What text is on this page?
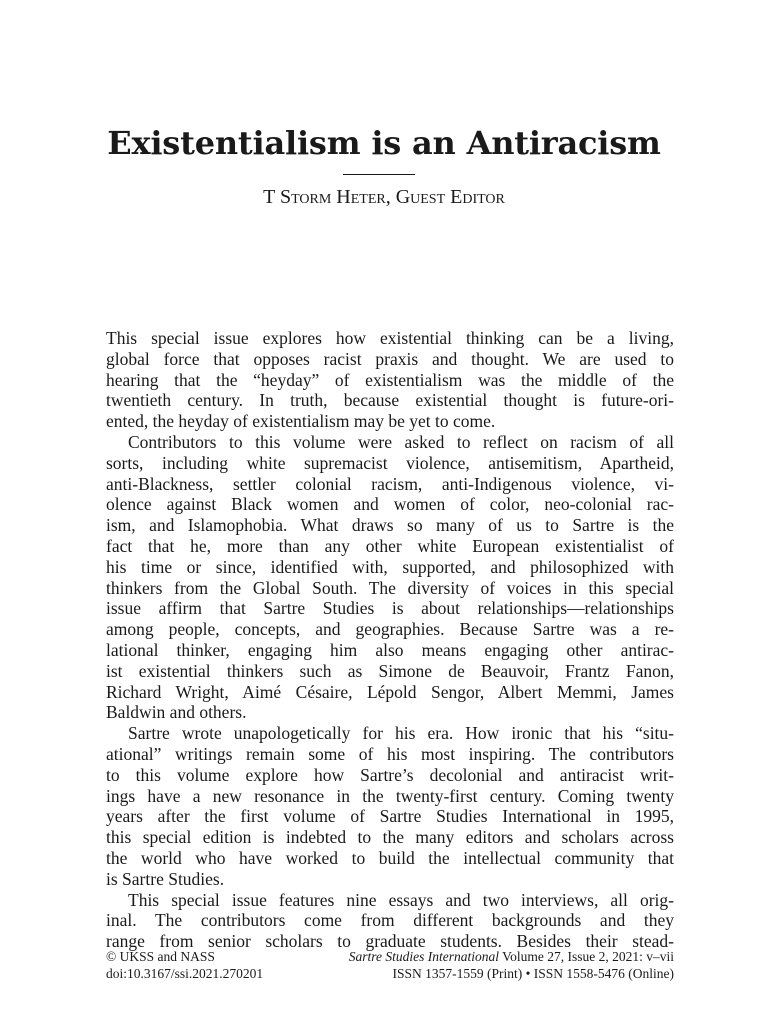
Existentialism is an Antiracism
T Storm Heter, Guest Editor
This special issue explores how existential thinking can be a living,
global force that opposes racist praxis and thought. We are used to
hearing that the “heyday” of existentialism was the middle of the
twentieth century. In truth, because existential thought is future-ori-
ented, the heyday of existentialism may be yet to come.
Contributors to this volume were asked to reflect on racism of all
sorts, including white supremacist violence, antisemitism, Apartheid,
anti-Blackness, settler colonial racism, anti-Indigenous violence, vi-
olence against Black women and women of color, neo-colonial rac-
ism, and Islamophobia. What draws so many of us to Sartre is the
fact that he, more than any other white European existentialist of
his time or since, identified with, supported, and philosophized with
thinkers from the Global South. The diversity of voices in this special
issue affirm that Sartre Studies is about relationships—relationships
among people, concepts, and geographies. Because Sartre was a re-
lational thinker, engaging him also means engaging other antirac-
ist existential thinkers such as Simone de Beauvoir, Frantz Fanon,
Richard Wright, Aimé Césaire, Lépold Sengor, Albert Memmi, James
Baldwin and others.
Sartre wrote unapologetically for his era. How ironic that his “situ-
ational” writings remain some of his most inspiring. The contributors
to this volume explore how Sartre’s decolonial and antiracist writ-
ings have a new resonance in the twenty-first century. Coming twenty
years after the first volume of Sartre Studies International in 1995,
this special edition is indebted to the many editors and scholars across
the world who have worked to build the intellectual community that
is Sartre Studies.
This special issue features nine essays and two interviews, all orig-
inal. The contributors come from different backgrounds and they
range from senior scholars to graduate students. Besides their stead-
© UKSS and NASS	Sartre Studies International Volume 27, Issue 2, 2021: v–vii
doi:10.3167/ssi.2021.270201	ISSN 1357-1559 (Print) • ISSN 1558-5476 (Online)
